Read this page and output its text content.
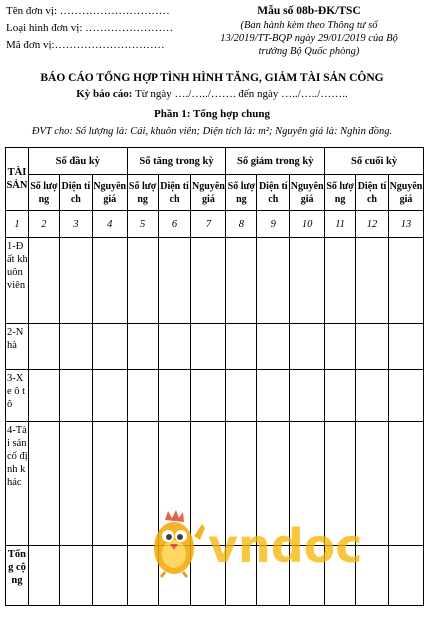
Tên đơn vị: …………………………
Loại hình đơn vị: ……………………
Mã đơn vị:…………………………
Mẫu số 08b-ĐK/TSC
(Ban hành kèm theo Thông tư số
13/2019/TT-BQP ngày 29/01/2019 của Bộ
trưởng Bộ Quốc phòng)
BÁO CÁO TỔNG HỢP TÌNH HÌNH TĂNG, GIẢM TÀI SẢN CÔNG
Kỳ báo cáo: Từ ngày …./…../……. đến ngày …../…../……..
Phần 1: Tổng hợp chung
ĐVT cho: Số lượng là: Cái, khuôn viên; Diện tích là: m²; Nguyên giá là: Nghìn đồng.
TÀI SẢN	Số đầu kỳ			Số tăng trong kỳ			Số giảm trong kỳ			Số cuối kỳ		
	Số lượng	Diện tích	Nguyên giá	Số lượng	Diện tích	Nguyên giá	Số lượng	Diện tích	Nguyên giá	Số lượng	Diện tích	Nguyên giá
1	2	3	4	5	6	7	8	9	10	11	12	13
1-Đất khuôn viên												
2-Nhà												
3-Xe ô tô												
4-Tài sản cố định khác												
Tổng cộng												
vndoc
